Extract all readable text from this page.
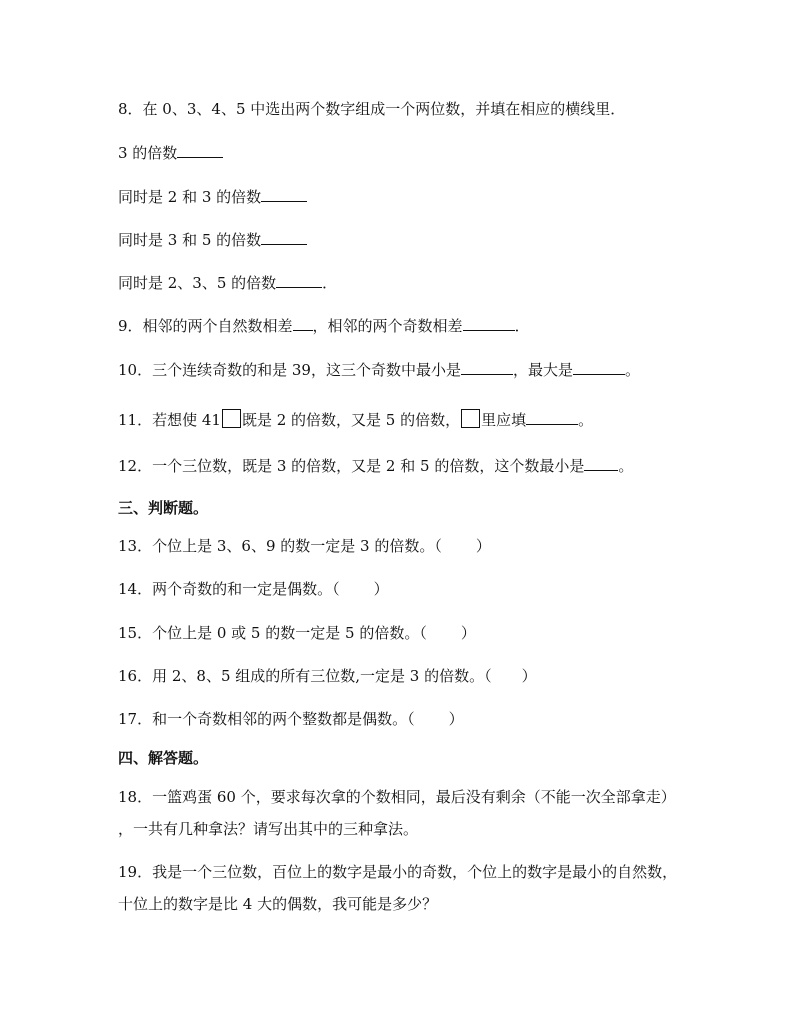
8．在 0、3、4、5 中选出两个数字组成一个两位数，并填在相应的横线里．
3 的倍数
同时是 2 和 3 的倍数
同时是 3 和 5 的倍数
同时是 2、3、5 的倍数	．
9．相邻的两个自然数相差 ，相邻的两个奇数相差	．
10．三个连续奇数的和是 39，这三个奇数中最小是	，最大是	。
11．若想使 41 既是 2 的倍数，又是 5 的倍数， 里应填	。
12．一个三位数，既是 3 的倍数，又是 2 和 5 的倍数，这个数最小是 。
三、判断题。
13．个位上是 3、6、9 的数一定是 3 的倍数。（ ）
14．两个奇数的和一定是偶数。（ ）
15．个位上是 0 或 5 的数一定是 5 的倍数。（ ）
16．用 2、8、5 组成的所有三位数,一定是 3 的倍数。（ ）
17．和一个奇数相邻的两个整数都是偶数。（ ）
四、解答题。
18．一篮鸡蛋 60 个，要求每次拿的个数相同，最后没有剩余（不能一次全部拿走）
，一共有几种拿法？请写出其中的三种拿法。
19．我是一个三位数，百位上的数字是最小的奇数，个位上的数字是最小的自然数，
十位上的数字是比 4 大的偶数，我可能是多少？
